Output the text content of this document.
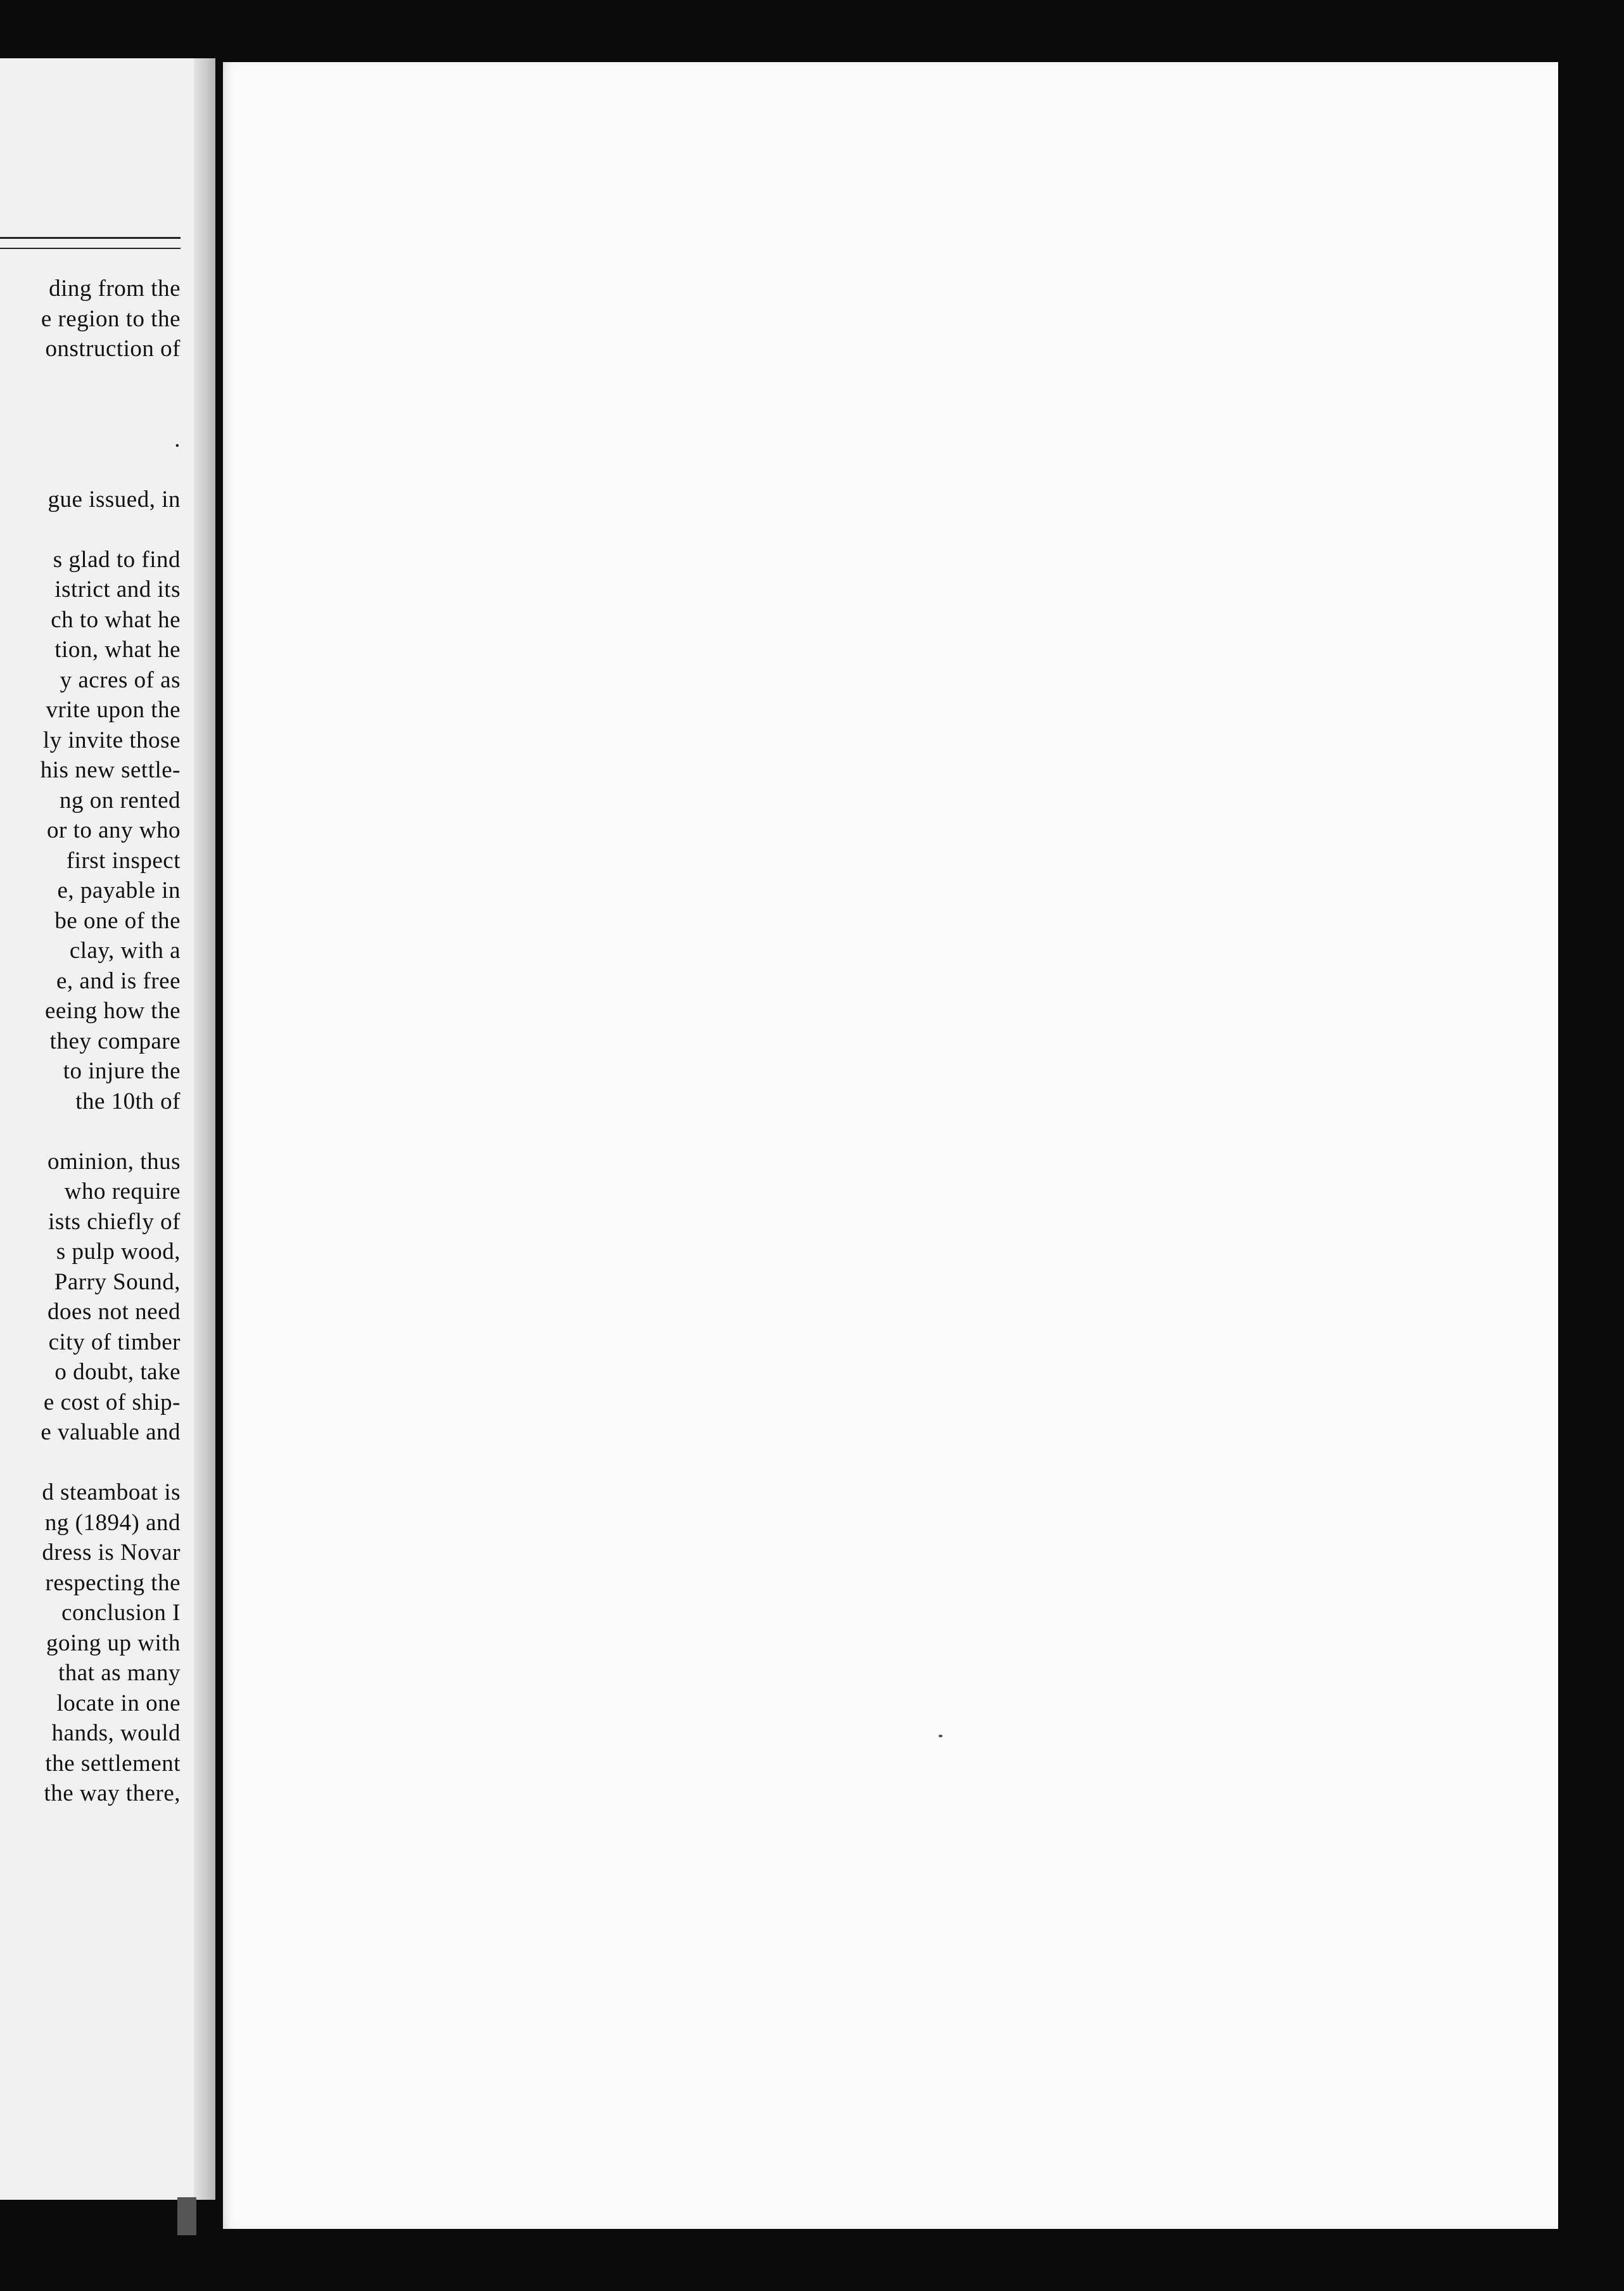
ding from the
e region to the
onstruction of
.
gue issued, in
s glad to find
istrict and its
ch to what he
tion, what he
y acres of as
vrite upon the
ly invite those
his new settle-
ng on rented
or to any who
first inspect
e, payable in
be one of the
clay, with a
e, and is free
eeing how the
they compare
to injure the
the 10th of
ominion, thus
who require
ists chiefly of
s pulp wood,
Parry Sound,
does not need
city of timber
o doubt, take
e cost of ship-
e valuable and
d steamboat is
ng (1894) and
dress is Novar
respecting the
conclusion I
going up with
that as many
locate in one
hands, would
the settlement
the way there,
